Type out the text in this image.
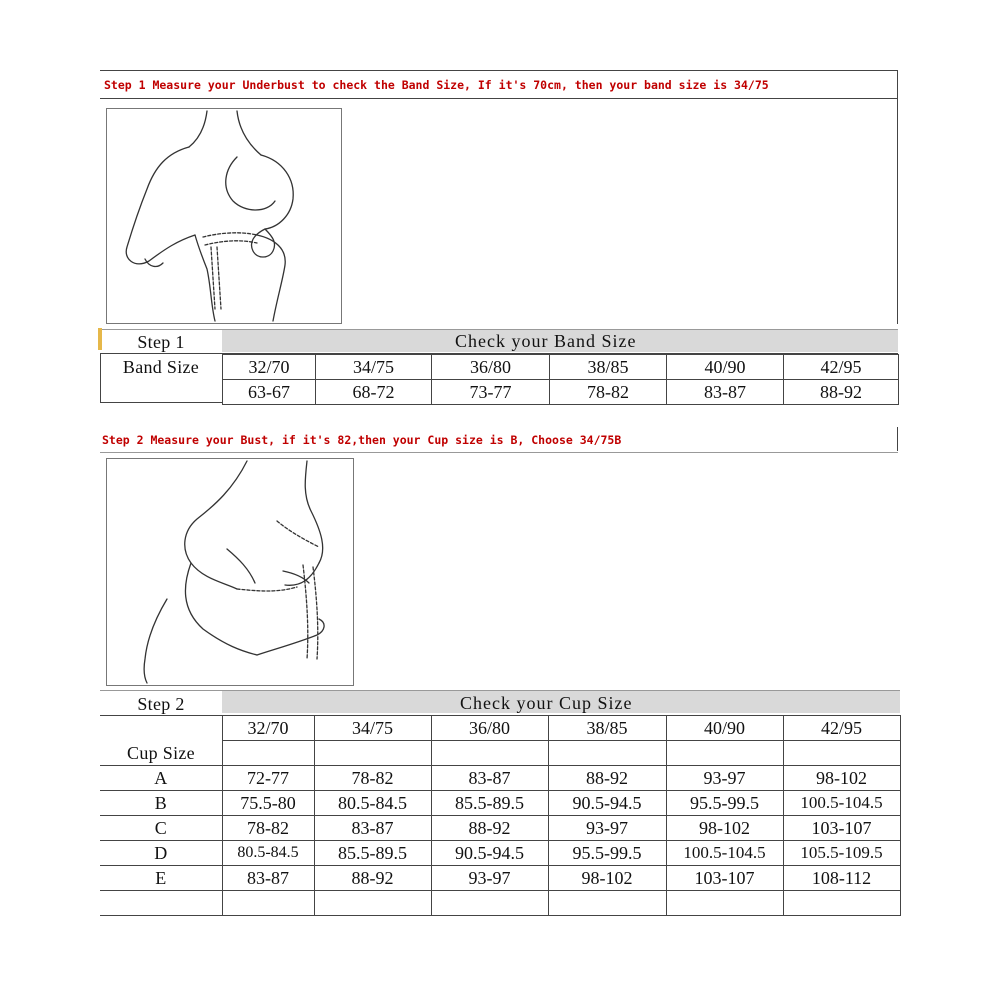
Step 1 Measure your Underbust to check the Band Size, If it's 70cm, then your band size is 34/75
Step 1	Check your Band Size
Band Size	32/70	34/75	36/80	38/85	40/90	42/95
63-67	68-72	73-77	78-82	83-87	88-92
Step 2 Measure your Bust, if it's 82,then your Cup size is B, Choose 34/75B
Step 2	Check your Cup Size
Cup Size
	32/70	34/75	36/80	38/85	40/90	42/95

A	72-77	78-82	83-87	88-92	93-97	98-102
B	75.5-80	80.5-84.5	85.5-89.5	90.5-94.5	95.5-99.5	100.5-104.5
C	78-82	83-87	88-92	93-97	98-102	103-107
D	80.5-84.5	85.5-89.5	90.5-94.5	95.5-99.5	100.5-104.5	105.5-109.5
E	83-87	88-92	93-97	98-102	103-107	108-112
